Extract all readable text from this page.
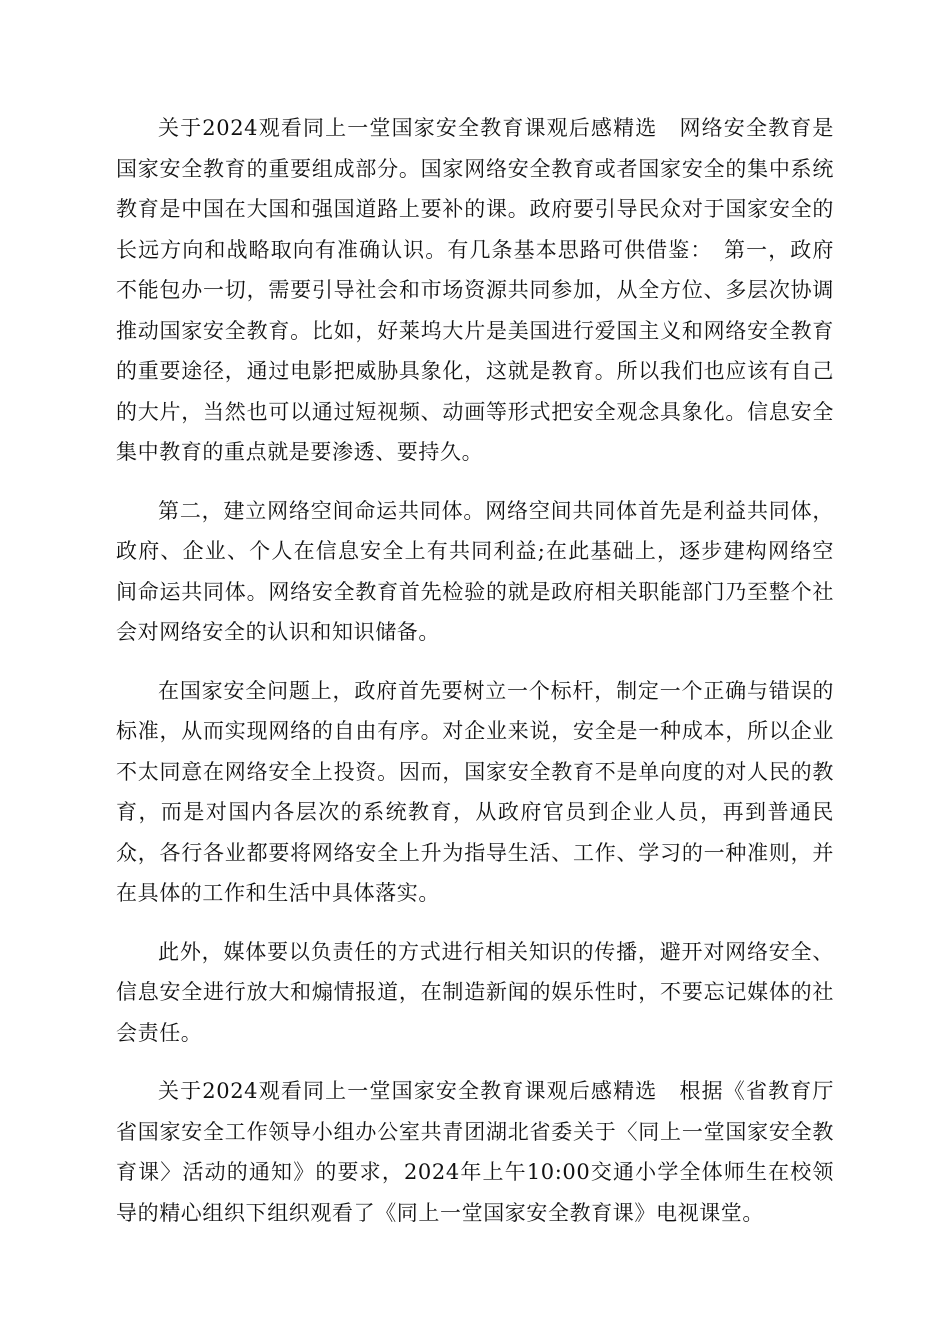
关于2024观看同上一堂国家安全教育课观后感精选　网络安全教育是国家安全教育的重要组成部分。国家网络安全教育或者国家安全的集中系统教育是中国在大国和强国道路上要补的课。政府要引导民众对于国家安全的长远方向和战略取向有准确认识。有几条基本思路可供借鉴：　第一，政府不能包办一切，需要引导社会和市场资源共同参加，从全方位、多层次协调推动国家安全教育。比如，好莱坞大片是美国进行爱国主义和网络安全教育的重要途径，通过电影把威胁具象化，这就是教育。所以我们也应该有自己的大片，当然也可以通过短视频、动画等形式把安全观念具象化。信息安全集中教育的重点就是要渗透、要持久。

第二，建立网络空间命运共同体。网络空间共同体首先是利益共同体，政府、企业、个人在信息安全上有共同利益;在此基础上，逐步建构网络空间命运共同体。网络安全教育首先检验的就是政府相关职能部门乃至整个社会对网络安全的认识和知识储备。

在国家安全问题上，政府首先要树立一个标杆，制定一个正确与错误的标准，从而实现网络的自由有序。对企业来说，安全是一种成本，所以企业不太同意在网络安全上投资。因而，国家安全教育不是单向度的对人民的教育，而是对国内各层次的系统教育，从政府官员到企业人员，再到普通民众，各行各业都要将网络安全上升为指导生活、工作、学习的一种准则，并在具体的工作和生活中具体落实。

此外，媒体要以负责任的方式进行相关知识的传播，避开对网络安全、信息安全进行放大和煽情报道，在制造新闻的娱乐性时，不要忘记媒体的社会责任。

关于2024观看同上一堂国家安全教育课观后感精选　根据《省教育厅省国家安全工作领导小组办公室共青团湖北省委关于〈同上一堂国家安全教育课〉活动的通知》的要求，2024年上午10:00交通小学全体师生在校领导的精心组织下组织观看了《同上一堂国家安全教育课》电视课堂。
